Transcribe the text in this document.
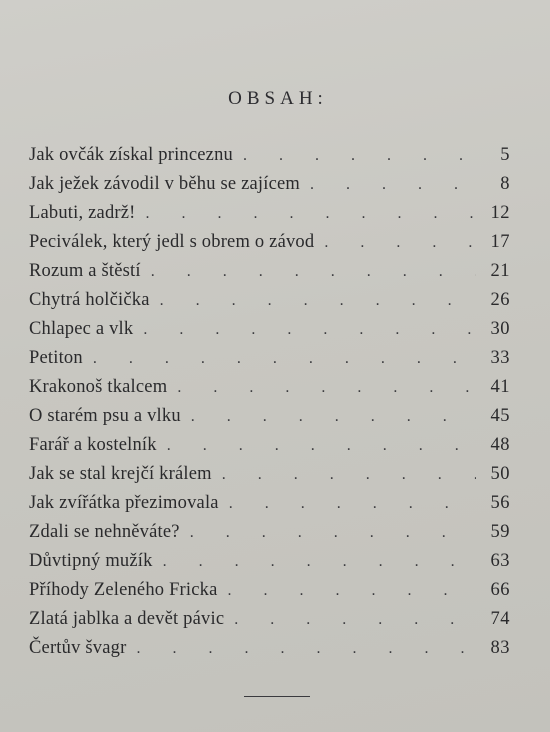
OBSAH:
Jak ovčák získal princeznu . . .	5
Jak ježek závodil v běhu se zajícem . . .	8
Labuti, zadrž! . . .	12
Peciválek, který jedl s obrem o závod . . .	17
Rozum a štěstí . . .	21
Chytrá holčička . . .	26
Chlapec a vlk . . .	30
Petiton . . .	33
Krakonoš tkalcem . . .	41
O starém psu a vlku . . .	45
Farář a kostelník . . .	48
Jak se stal krejčí králem . . .	50
Jak zvířátka přezimovala . . .	56
Zdali se nehněváte? . . .	59
Důvtipný mužík . . .	63
Příhody Zeleného Fricka . . .	66
Zlatá jablka a devět pávic . . .	74
Čertův švagr . . .	83
